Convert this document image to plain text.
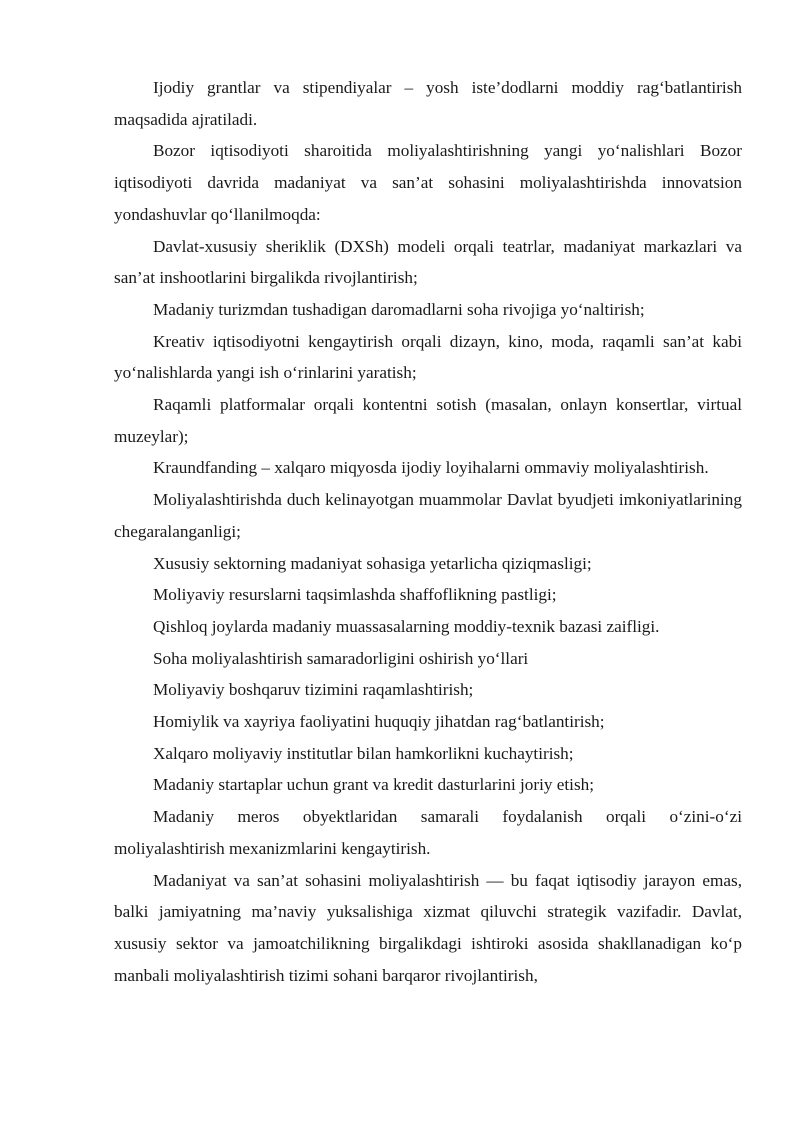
Ijodiy grantlar va stipendiyalar – yosh iste’dodlarni moddiy rag‘batlantirish maqsadida ajratiladi.

Bozor iqtisodiyoti sharoitida moliyalashtirishning yangi yo‘nalishlari Bozor iqtisodiyoti davrida madaniyat va san’at sohasini moliyalashtirishda innovatsion yondashuvlar qo‘llanilmoqda:

Davlat-xususiy sheriklik (DXSh) modeli orqali teatrlar, madaniyat markazlari va san’at inshootlarini birgalikda rivojlantirish;

Madaniy turizmdan tushadigan daromadlarni soha rivojiga yo‘naltirish;

Kreativ iqtisodiyotni kengaytirish orqali dizayn, kino, moda, raqamli san’at kabi yo‘nalishlarda yangi ish o‘rinlarini yaratish;

Raqamli platformalar orqali kontentni sotish (masalan, onlayn konsertlar, virtual muzeylar);

Kraundfanding – xalqaro miqyosda ijodiy loyihalarni ommaviy moliyalashtirish.

Moliyalashtirishda duch kelinayotgan muammolar Davlat byudjeti imkoniyatlarining chegaralanganligi;

Xususiy sektorning madaniyat sohasiga yetarlicha qiziqmasligi;

Moliyaviy resurslarni taqsimlashda shaffoflikning pastligi;

Qishloq joylarda madaniy muassasalarning moddiy-texnik bazasi zaifligi.

Soha moliyalashtirish samaradorligini oshirish yo‘llari

Moliyaviy boshqaruv tizimini raqamlashtirish;

Homiylik va xayriya faoliyatini huquqiy jihatdan rag‘batlantirish;

Xalqaro moliyaviy institutlar bilan hamkorlikni kuchaytirish;

Madaniy startaplar uchun grant va kredit dasturlarini joriy etish;

Madaniy meros obyektlaridan samarali foydalanish orqali o‘zini-o‘zi moliyalashtirish mexanizmlarini kengaytirish.

Madaniyat va san’at sohasini moliyalashtirish — bu faqat iqtisodiy jarayon emas, balki jamiyatning ma’naviy yuksalishiga xizmat qiluvchi strategik vazifadir. Davlat, xususiy sektor va jamoatchilikning birgalikdagi ishtiroki asosida shakllanadigan ko‘p manbali moliyalashtirish tizimi sohani barqaror rivojlantirish,
